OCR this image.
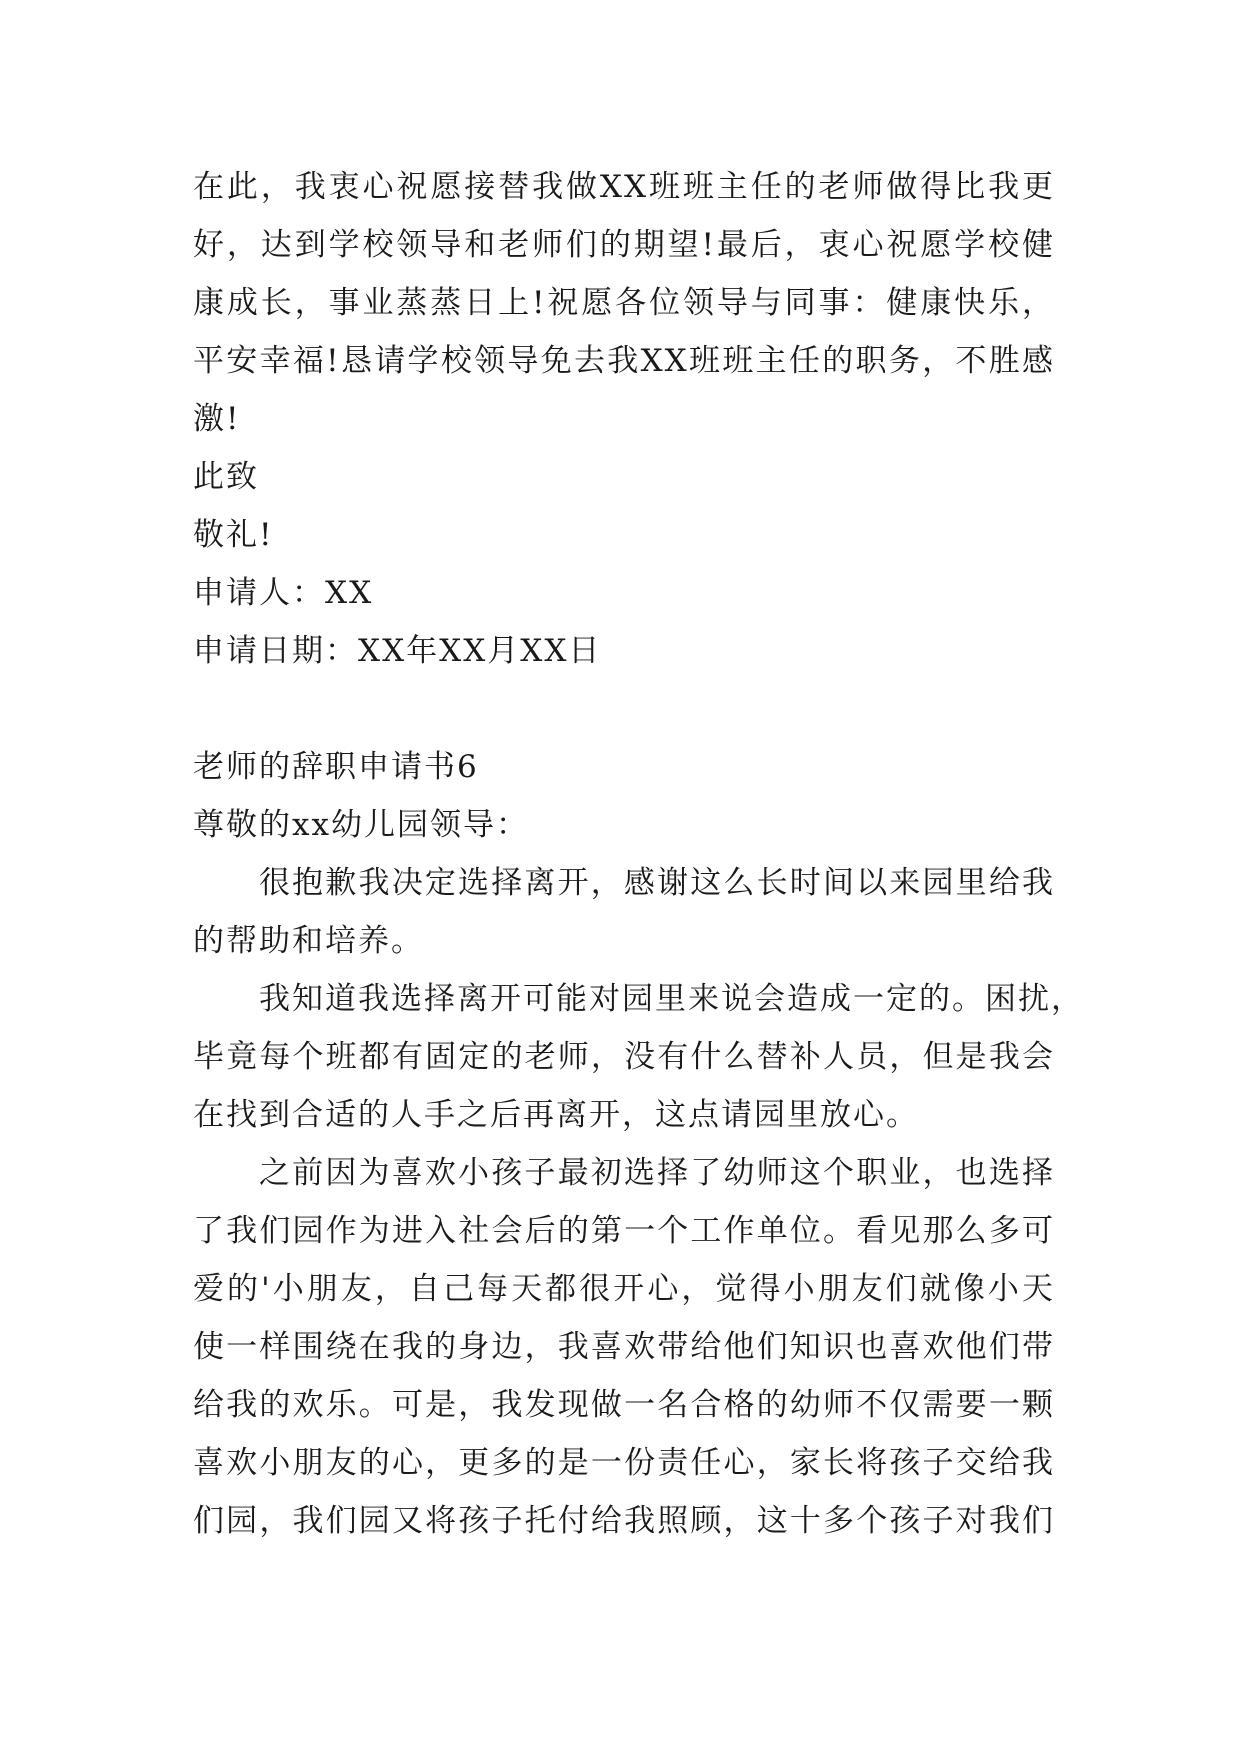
在此，我衷心祝愿接替我做XX班班主任的老师做得比我更
好，达到学校领导和老师们的期望!最后，衷心祝愿学校健
康成长，事业蒸蒸日上!祝愿各位领导与同事：健康快乐，
平安幸福!恳请学校领导免去我XX班班主任的职务，不胜感
激!
此致
敬礼!
申请人：XX
申请日期：XX年XX月XX日
老师的辞职申请书6
尊敬的xx幼儿园领导：
很抱歉我决定选择离开，感谢这么长时间以来园里给我
的帮助和培养。
我知道我选择离开可能对园里来说会造成一定的。困扰，
毕竟每个班都有固定的老师，没有什么替补人员，但是我会
在找到合适的人手之后再离开，这点请园里放心。
之前因为喜欢小孩子最初选择了幼师这个职业，也选择
了我们园作为进入社会后的第一个工作单位。看见那么多可
爱的'小朋友，自己每天都很开心，觉得小朋友们就像小天
使一样围绕在我的身边，我喜欢带给他们知识也喜欢他们带
给我的欢乐。可是，我发现做一名合格的幼师不仅需要一颗
喜欢小朋友的心，更多的是一份责任心，家长将孩子交给我
们园，我们园又将孩子托付给我照顾，这十多个孩子对我们
